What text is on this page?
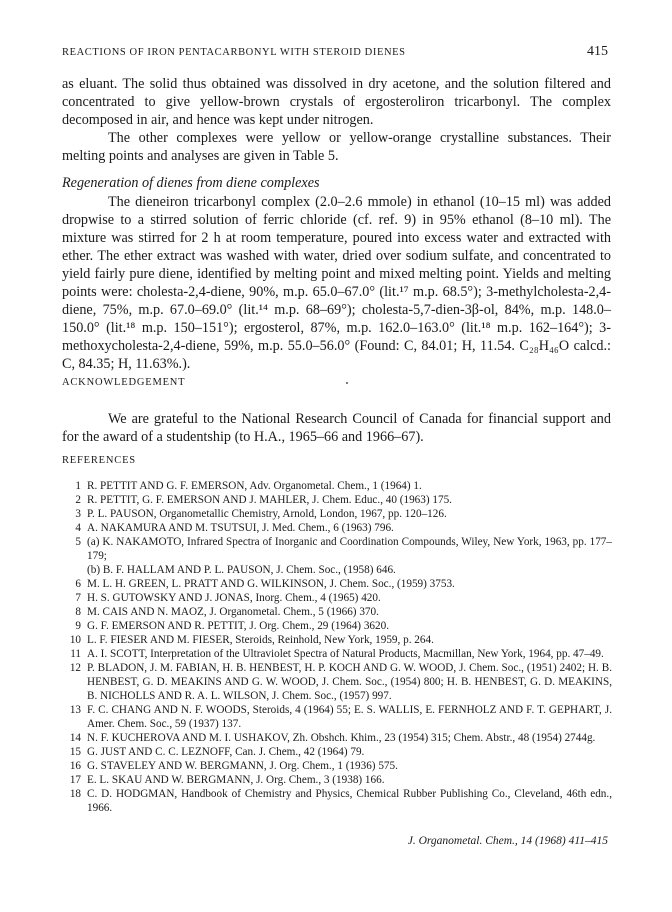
REACTIONS OF IRON PENTACARBONYL WITH STEROID DIENES	415

as eluant. The solid thus obtained was dissolved in dry acetone, and the solution filtered and concentrated to give yellow-brown crystals of ergosteroliron tricarbonyl. The complex decomposed in air, and hence was kept under nitrogen.

The other complexes were yellow or yellow-orange crystalline substances. Their melting points and analyses are given in Table 5.

Regeneration of dienes from diene complexes

The dieneiron tricarbonyl complex (2.0–2.6 mmole) in ethanol (10–15 ml) was added dropwise to a stirred solution of ferric chloride (cf. ref. 9) in 95% ethanol (8–10 ml). The mixture was stirred for 2 h at room temperature, poured into excess water and extracted with ether. The ether extract was washed with water, dried over sodium sulfate, and concentrated to yield fairly pure diene, identified by melting point and mixed melting point. Yields and melting points were: cholesta-2,4-diene, 90%, m.p. 65.0–67.0° (lit.¹⁷ m.p. 68.5°); 3-methylcholesta-2,4-diene, 75%, m.p. 67.0–69.0° (lit.¹⁴ m.p. 68–69°); cholesta-5,7-dien-3β-ol, 84%, m.p. 148.0–150.0° (lit.¹⁸ m.p. 150–151°); ergosterol, 87%, m.p. 162.0–163.0° (lit.¹⁸ m.p. 162–164°); 3-methoxycholesta-2,4-diene, 59%, m.p. 55.0–56.0° (Found: C, 84.01; H, 11.54. C₂₈H₄₆O calcd.: C, 84.35; H, 11.63%.).

ACKNOWLEDGEMENT

We are grateful to the National Research Council of Canada for financial support and for the award of a studentship (to H.A., 1965–66 and 1966–67).

REFERENCES
1 R. PETTIT AND G. F. EMERSON, Adv. Organometal. Chem., 1 (1964) 1.
2 R. PETTIT, G. F. EMERSON AND J. MAHLER, J. Chem. Educ., 40 (1963) 175.
3 P. L. PAUSON, Organometallic Chemistry, Arnold, London, 1967, pp. 120–126.
4 A. NAKAMURA AND M. TSUTSUI, J. Med. Chem., 6 (1963) 796.
5 (a) K. NAKAMOTO, Infrared Spectra of Inorganic and Coordination Compounds, Wiley, New York, 1963, pp. 177–179;
(b) B. F. HALLAM AND P. L. PAUSON, J. Chem. Soc., (1958) 646.
6 M. L. H. GREEN, L. PRATT AND G. WILKINSON, J. Chem. Soc., (1959) 3753.
7 H. S. GUTOWSKY AND J. JONAS, Inorg. Chem., 4 (1965) 420.
8 M. CAIS AND N. MAOZ, J. Organometal. Chem., 5 (1966) 370.
9 G. F. EMERSON AND R. PETTIT, J. Org. Chem., 29 (1964) 3620.
10 L. F. FIESER AND M. FIESER, Steroids, Reinhold, New York, 1959, p. 264.
11 A. I. SCOTT, Interpretation of the Ultraviolet Spectra of Natural Products, Macmillan, New York, 1964, pp. 47–49.
12 P. BLADON, J. M. FABIAN, H. B. HENBEST, H. P. KOCH AND G. W. WOOD, J. Chem. Soc., (1951) 2402; H. B. HENBEST, G. D. MEAKINS AND G. W. WOOD, J. Chem. Soc., (1954) 800; H. B. HENBEST, G. D. MEAKINS, B. NICHOLLS AND R. A. L. WILSON, J. Chem. Soc., (1957) 997.
13 F. C. CHANG AND N. F. WOODS, Steroids, 4 (1964) 55; E. S. WALLIS, E. FERNHOLZ AND F. T. GEPHART, J. Amer. Chem. Soc., 59 (1937) 137.
14 N. F. KUCHEROVA AND M. I. USHAKOV, Zh. Obshch. Khim., 23 (1954) 315; Chem. Abstr., 48 (1954) 2744g.
15 G. JUST AND C. C. LEZNOFF, Can. J. Chem., 42 (1964) 79.
16 G. STAVELEY AND W. BERGMANN, J. Org. Chem., 1 (1936) 575.
17 E. L. SKAU AND W. BERGMANN, J. Org. Chem., 3 (1938) 166.
18 C. D. HODGMAN, Handbook of Chemistry and Physics, Chemical Rubber Publishing Co., Cleveland, 46th edn., 1966.
J. Organometal. Chem., 14 (1968) 411–415
